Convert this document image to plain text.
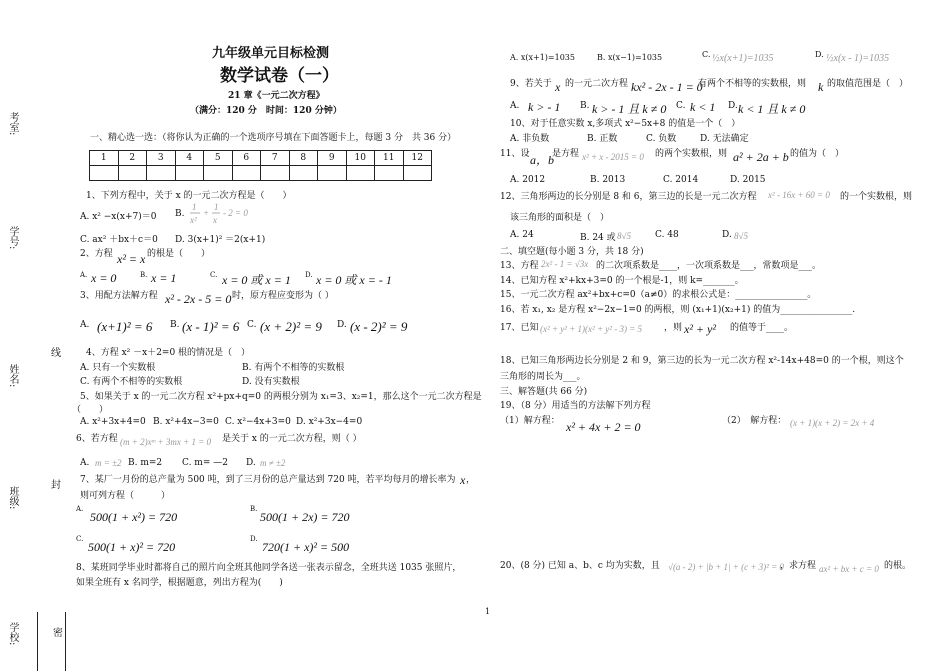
考室:
学号:
姓名:
班级:
学校:
线
封
密
九年级单元目标检测
数学试卷（一）
21 章《一元二次方程》
（满分：120 分　时间：120 分钟）
一、精心选一选：（将你认为正确的一个选项序号填在下面答题卡上，每题 3 分　共 36 分）
1	2	3	4	5	6	7	8	9	10	11	12

1、下列方程中，关于 x 的一元二次方程是（　　）
A. x² −x(x+7)＝0 B.
1
x²
+
1
x
- 2 = 0
C. ax² ＋bx＋c＝0 D. 3(x+1)² ＝2(x+1)
2、方程 x² = x 的根是（　　）
A. x = 0	B. x = 1	C. x = 0 或 x = 1 D. x = 0 或 x = - 1
3、用配方法解方程 x² - 2x - 5 = 0 时，原方程应变形为（ ）
A. (x+1)² = 6 B. (x - 1)² = 6 C. (x + 2)² = 9 D. (x - 2)² = 9
4、方程 x² －x＋2=0 根的情况是（　）
A. 只有一个实数根	B. 有两个不相等的实数根
C. 有两个不相等的实数根	D. 没有实数根
5、如果关于 x 的一元二次方程 x²+px+q=0 的两根分别为 x₁=3、x₂=1，那么这个一元二次方程是
（　　）
A. x²+3x+4=0 B. x²+4x−3=0 C. x²−4x+3=0 D. x²+3x−4=0
6、若方程 (m + 2)xᵐ + 3mx + 1 = 0 是关于 x 的一元二次方程，则（ ）
A. m = ±2 B. m=2 C. m= —2 D. m ≠ ±2
7、某厂一月份的总产量为 500 吨，到了三月份的总产量达到 720 吨，若平均每月的增长率为 x ，
则可列方程（　　　）
A.
500(1 + x²) = 720
B.
500(1 + 2x) = 720
C.
500(1 + x)² = 720
D.
720(1 + x)² = 500
8、某班同学毕业时都将自己的照片向全班其他同学各送一张表示留念，全班共送 1035 张照片，
如果全班有 x 名同学，根据题意，列出方程为(　　)
A. x(x+1)=1035	B. x(x−1)=1035	C. ½x(x+1)=1035	D. ½x(x - 1)=1035
9、若关于 x 的一元二次方程 kx² - 2x - 1 = 0
有两个不相等的实数根，则 k 的取值范围是（　）
A. k > - 1 B. k > - 1 且 k ≠ 0 C. k < 1 D. k < 1 且 k ≠ 0
10、对于任意实数 x,多项式 x²−5x+8 的值是一个（　）
A. 非负数	B. 正数	C. 负数	D. 无法确定
11、设 a，b
是方程 x² + x - 2015 = 0 的两个实数根，则 a² + 2a + b 的值为（　）
A. 2012	B. 2013	C. 2014	D. 2015
12、三角形两边的长分别是 8 和 6，第三边的长是一元二次方程 x² - 16x + 60 = 0 的一个实数根，则
该三角形的面积是（　）
A. 24	B. 24 或 8√5	C. 48	D. 8√5
二、填空题(每小题 3 分，共 18 分)
13、方程 2x² - 1 = √3x 的二次项系数是____，一次项系数是___，常数项是___。
14、已知方程 x²+kx+3=0 的一个根是-1，则 k=_______。
15、一元二次方程 ax²+bx+c=0（a≠0）的求根公式是：________________。
16、若 x₁, x₂ 是方程 x²−2x−1=0 的两根，则 (x₁+1)(x₂+1) 的值为________________.
17、已知 (x² + y² + 1)(x² + y² - 3) = 5 ，则 x² + y² 的值等于____。
18、已知三角形两边长分别是 2 和 9，第三边的长为一元二次方程 x²-14x+48=0 的一个根，则这个
三角形的周长为___。
三、解答题(共 66 分)
19、（8 分）用适当的方法解下列方程
（1）解方程： x² + 4x + 2 = 0	（2）　解方程： (x + 1)(x + 2) = 2x + 4
20、(8 分) 已知 a、b、c 均为实数，且 √(a - 2) + |b + 1| + (c + 3)² = 0
，求方程 ax² + bx + c = 0 的根。
1
